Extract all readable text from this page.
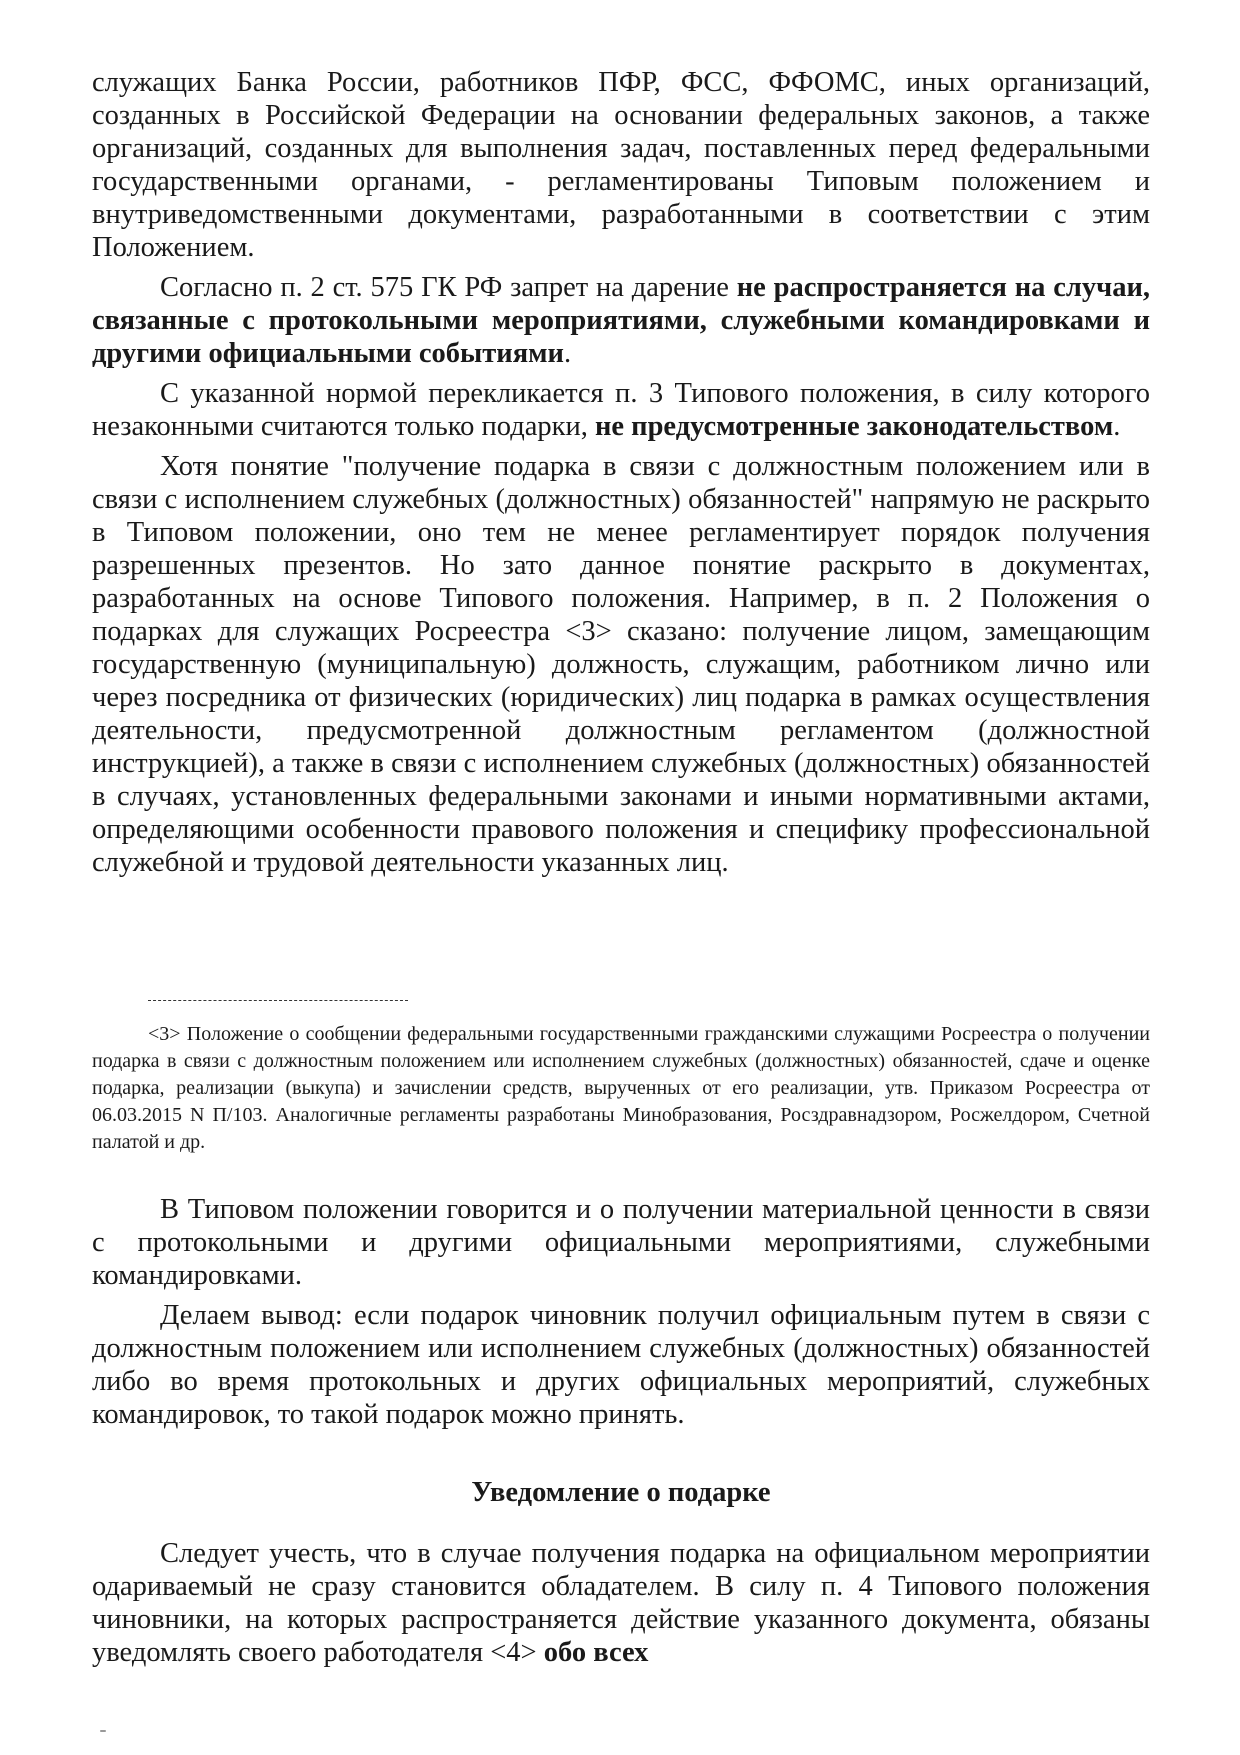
служащих Банка России, работников ПФР, ФСС, ФФОМС, иных организаций, созданных в Российской Федерации на основании федеральных законов, а также организаций, созданных для выполнения задач, поставленных перед федеральными государственными органами, - регламентированы Типовым положением и внутриведомственными документами, разработанными в соответствии с этим Положением.

Согласно п. 2 ст. 575 ГК РФ запрет на дарение не распространяется на случаи, связанные с протокольными мероприятиями, служебными командировками и другими официальными событиями.

С указанной нормой перекликается п. 3 Типового положения, в силу которого незаконными считаются только подарки, не предусмотренные законодательством.

Хотя понятие "получение подарка в связи с должностным положением или в связи с исполнением служебных (должностных) обязанностей" напрямую не раскрыто в Типовом положении, оно тем не менее регламентирует порядок получения разрешенных презентов. Но зато данное понятие раскрыто в документах, разработанных на основе Типового положения. Например, в п. 2 Положения о подарках для служащих Росреестра <3> сказано: получение лицом, замещающим государственную (муниципальную) должность, служащим, работником лично или через посредника от физических (юридических) лиц подарка в рамках осуществления деятельности, предусмотренной должностным регламентом (должностной инструкцией), а также в связи с исполнением служебных (должностных) обязанностей в случаях, установленных федеральными законами и иными нормативными актами, определяющими особенности правового положения и специфику профессиональной служебной и трудовой деятельности указанных лиц.

<3> Положение о сообщении федеральными государственными гражданскими служащими Росреестра о получении подарка в связи с должностным положением или исполнением служебных (должностных) обязанностей, сдаче и оценке подарка, реализации (выкупа) и зачислении средств, вырученных от его реализации, утв. Приказом Росреестра от 06.03.2015 N П/103. Аналогичные регламенты разработаны Минобразования, Росздравнадзором, Росжелдором, Счетной палатой и др.

В Типовом положении говорится и о получении материальной ценности в связи с протокольными и другими официальными мероприятиями, служебными командировками.

Делаем вывод: если подарок чиновник получил официальным путем в связи с должностным положением или исполнением служебных (должностных) обязанностей либо во время протокольных и других официальных мероприятий, служебных командировок, то такой подарок можно принять.

Уведомление о подарке

Следует учесть, что в случае получения подарка на официальном мероприятии одариваемый не сразу становится обладателем. В силу п. 4 Типового положения чиновники, на которых распространяется действие указанного документа, обязаны уведомлять своего работодателя <4> обо всех
